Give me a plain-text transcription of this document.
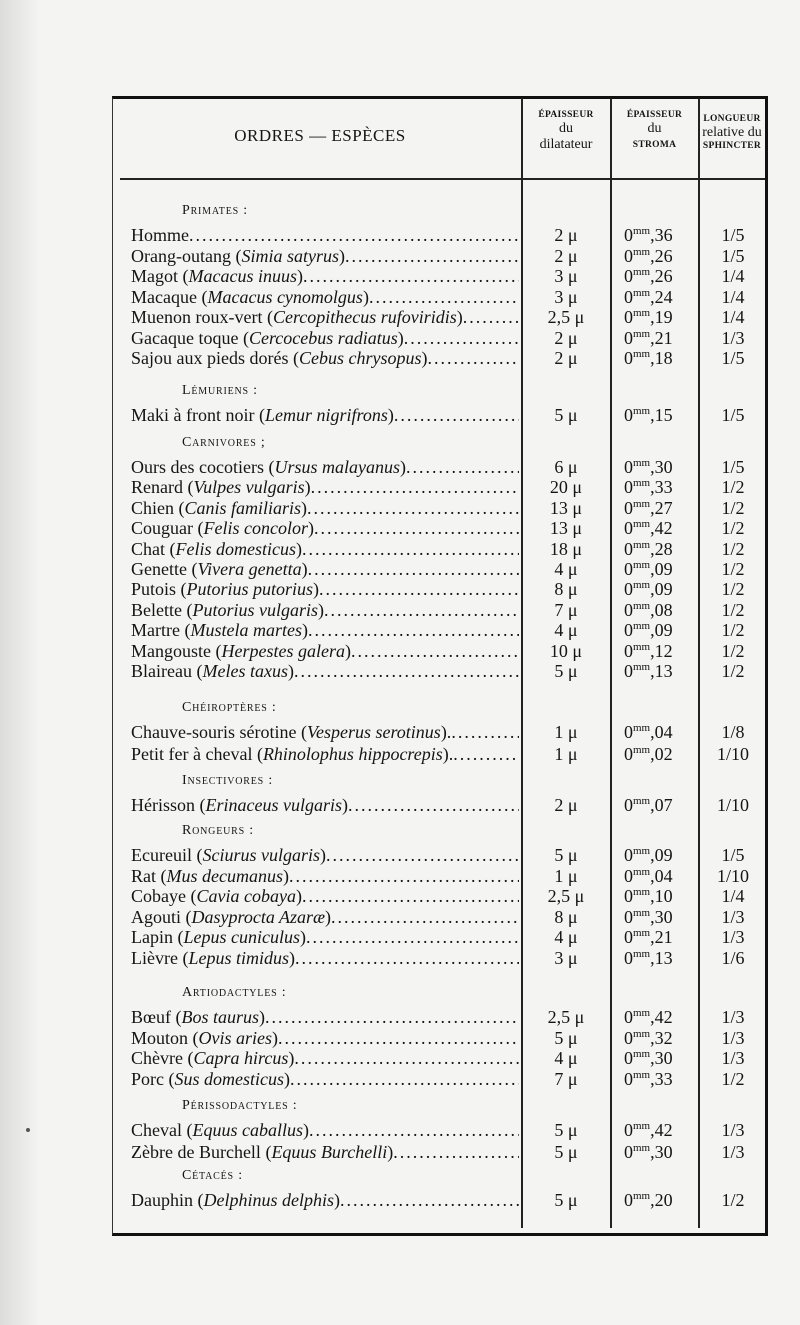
ORDRES — ESPÈCES
ÉPAISSEUR
du
dilatateur
ÉPAISSEUR
du
STROMA
LONGUEUR
relative du
SPHINCTER
Primates :
Homme .....	2 μ	$0^{mm},36$	1/5
Orang-outang (Simia satyrus) .....	2 μ	$0^{mm},26$	1/5
Magot (Macacus inuus) .....	3 μ	$0^{mm},26$	1/4
Macaque (Macacus cynomolgus) .....	3 μ	$0^{mm},24$	1/4
Muenon roux-vert (Cercopithecus rufoviridis) .....	2,5 μ	$0^{mm},19$	1/4
Gacaque toque (Cercocebus radiatus) .....	2 μ	$0^{mm},21$	1/3
Sajou aux pieds dorés (Cebus chrysopus) .....	2 μ	$0^{mm},18$	1/5
Lémuriens :
Maki à front noir (Lemur nigrifrons) .....	5 μ	$0^{mm},15$	1/5
Carnivores ;
Ours des cocotiers (Ursus malayanus) .....	6 μ	$0^{mm},30$	1/5
Renard (Vulpes vulgaris) .....	20 μ	$0^{mm},33$	1/2
Chien (Canis familiaris) .....	13 μ	$0^{mm},27$	1/2
Couguar (Felis concolor) .....	13 μ	$0^{mm},42$	1/2
Chat (Felis domesticus) .....	18 μ	$0^{mm},28$	1/2
Genette (Vivera genetta) .....	4 μ	$0^{mm},09$	1/2
Putois (Putorius putorius) .....	8 μ	$0^{mm},09$	1/2
Belette (Putorius vulgaris) .....	7 μ	$0^{mm},08$	1/2
Martre (Mustela martes) .....	4 μ	$0^{mm},09$	1/2
Mangouste (Herpestes galera) .....	10 μ	$0^{mm},12$	1/2
Blaireau (Meles taxus) .....	5 μ	$0^{mm},13$	1/2
Chéiroptères :
Chauve-souris sérotine (Vesperus serotinus). .....	1 μ	$0^{mm},04$	1/8
Petit fer à cheval (Rhinolophus hippocrepis). .....	1 μ	$0^{mm},02$	1/10
Insectivores :
Hérisson (Erinaceus vulgaris) .....	2 μ	$0^{mm},07$	1/10
Rongeurs :
Ecureuil (Sciurus vulgaris) .....	5 μ	$0^{mm},09$	1/5
Rat (Mus decumanus) .....	1 μ	$0^{mm},04$	1/10
Cobaye (Cavia cobaya) .....	2,5 μ	$0^{mm},10$	1/4
Agouti (Dasyprocta Azaræ) .....	8 μ	$0^{mm},30$	1/3
Lapin (Lepus cuniculus) .....	4 μ	$0^{mm},21$	1/3
Lièvre (Lepus timidus) .....	3 μ	$0^{mm},13$	1/6
Artiodactyles :
Bœuf (Bos taurus) .....	2,5 μ	$0^{mm},42$	1/3
Mouton (Ovis aries) .....	5 μ	$0^{mm},32$	1/3
Chèvre (Capra hircus) .....	4 μ	$0^{mm},30$	1/3
Porc (Sus domesticus) .....	7 μ	$0^{mm},33$	1/2
Périssodactyles :
Cheval (Equus caballus) .....	5 μ	$0^{mm},42$	1/3
Zèbre de Burchell (Equus Burchelli) .....	5 μ	$0^{mm},30$	1/3
Cétacés :
Dauphin (Delphinus delphis) .....	5 μ	$0^{mm},20$	1/2
